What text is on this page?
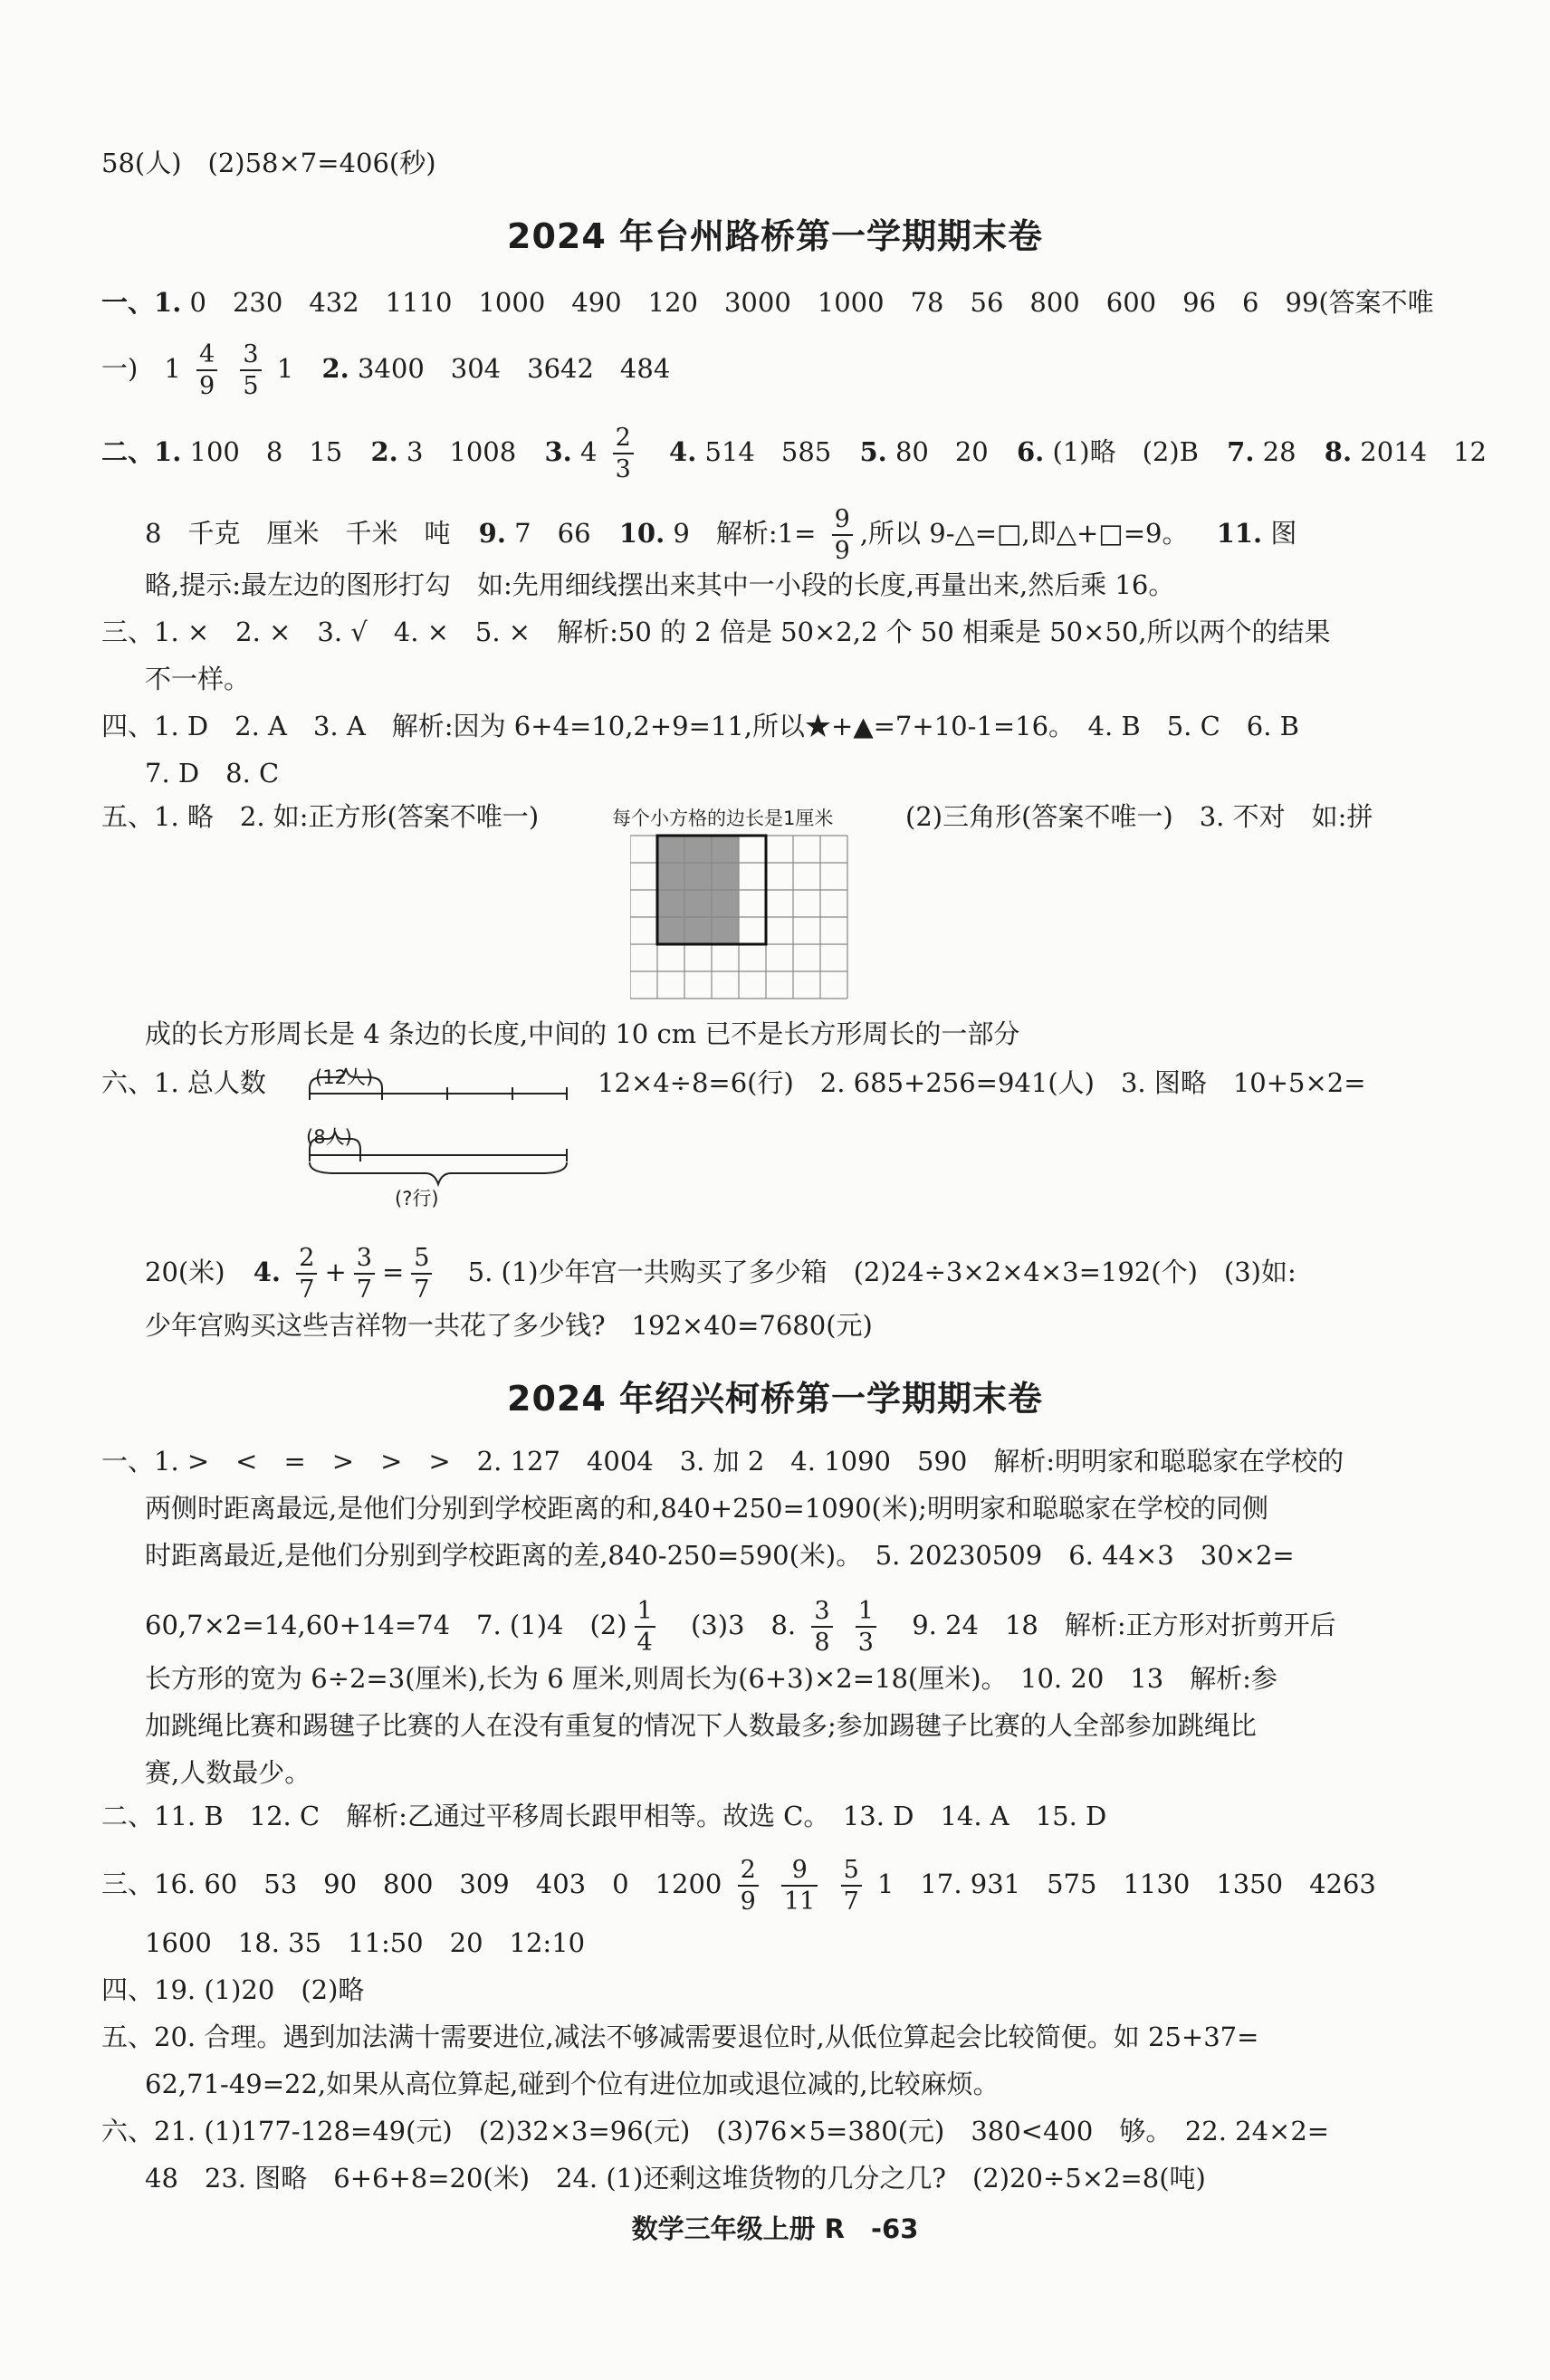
58(人)　(2)58×7=406(秒)
2024 年台州路桥第一学期期末卷
一、1. 0　230　432　1110　1000　490　120　3000　1000　78　56　800　600　96　6　99(答案不唯
一)　$1 \frac{4}{9}$
$\frac{3}{5} 1$ 2. 3400　304　3642　484
二、1. 100　8　15 2. 3　1008 3. $4 \frac{2}{3} 4$. 514　585 5. 80　20 6. (1)略　(2)B 7. 28 8. 2014　12
8　千克　厘米　千米　吨 9. 7　66 10. 9　解析:1= $\frac{9}{9}$ ,所以 9-△=□,即△+□=9。 11. 图
略,提示:最左边的图形打勾　如:先用细线摆出来其中一小段的长度,再量出来,然后乘 16。
三、1. ×　2. ×　3. √　4. ×　5. ×　解析:50 的 2 倍是 50×2,2 个 50 相乘是 50×50,所以两个的结果
不一样。
四、1. D　2. A　3. A　解析:因为 6+4=10,2+9=11,所以★+▲=7+10-1=16。　4. B　5. C　6. B
7. D　8. C
五、1. 略　2. 如:正方形(答案不唯一)	(2)三角形(答案不唯一)　3. 不对　如:拼
每个小方格的边长是1厘米
成的长方形周长是 4 条边的长度,中间的 10 cm 已不是长方形周长的一部分
六、1. 总人数	12×4÷8=6(行)　2. 685+256=941(人)　3. 图略　10+5×2=
(12人)
(8人)
(?行)
20(米) 4. $\frac{2}{7} + \frac{3}{7} = \frac{5}{7} 5$. (1)少年宫一共购买了多少箱　(2)24÷3×2×4×3=192(个)　(3)如:
少年宫购买这些吉祥物一共花了多少钱?　192×40=7680(元)
2024 年绍兴柯桥第一学期期末卷
一、1. >　<　=　>　>　>　2. 127　4004　3. 加 2　4. 1090　590　解析:明明家和聪聪家在学校的
两侧时距离最远,是他们分别到学校距离的和,840+250=1090(米);明明家和聪聪家在学校的同侧
时距离最近,是他们分别到学校距离的差,840-250=590(米)。　5. 20230509　6. 44×3　30×2=
60,7×2=14,60+14=74　7. (1)4　$(2) \frac{1}{4} (3)3$　8. $\frac{3}{8}$
$\frac{1}{3} 9$. 24　18　解析:正方形对折剪开后
长方形的宽为 6÷2=3(厘米),长为 6 厘米,则周长为(6+3)×2=18(厘米)。　10. 20　13　解析:参
加跳绳比赛和踢毽子比赛的人在没有重复的情况下人数最多;参加踢毽子比赛的人全部参加跳绳比
赛,人数最少。
二、11. B　12. C　解析:乙通过平移周长跟甲相等。故选 C。　13. D　14. A　15. D
三、16. 60　53　90　800　309　403　0　$1200 \frac{2}{9}$
$\frac{9}{11}$
$\frac{5}{7} 1$　17. 931　575　1130　1350　4263
1600　18. 35　11:50　20　12:10
四、19. (1)20　(2)略
五、20. 合理。遇到加法满十需要进位,减法不够减需要退位时,从低位算起会比较简便。如 25+37=
62,71-49=22,如果从高位算起,碰到个位有进位加或退位减的,比较麻烦。
六、21. (1)177-128=49(元)　(2)32×3=96(元)　(3)76×5=380(元)　380<400　够。　22. 24×2=
48　23. 图略　6+6+8=20(米)　24. (1)还剩这堆货物的几分之几?　(2)20÷5×2=8(吨)
数学三年级上册 R　-63
